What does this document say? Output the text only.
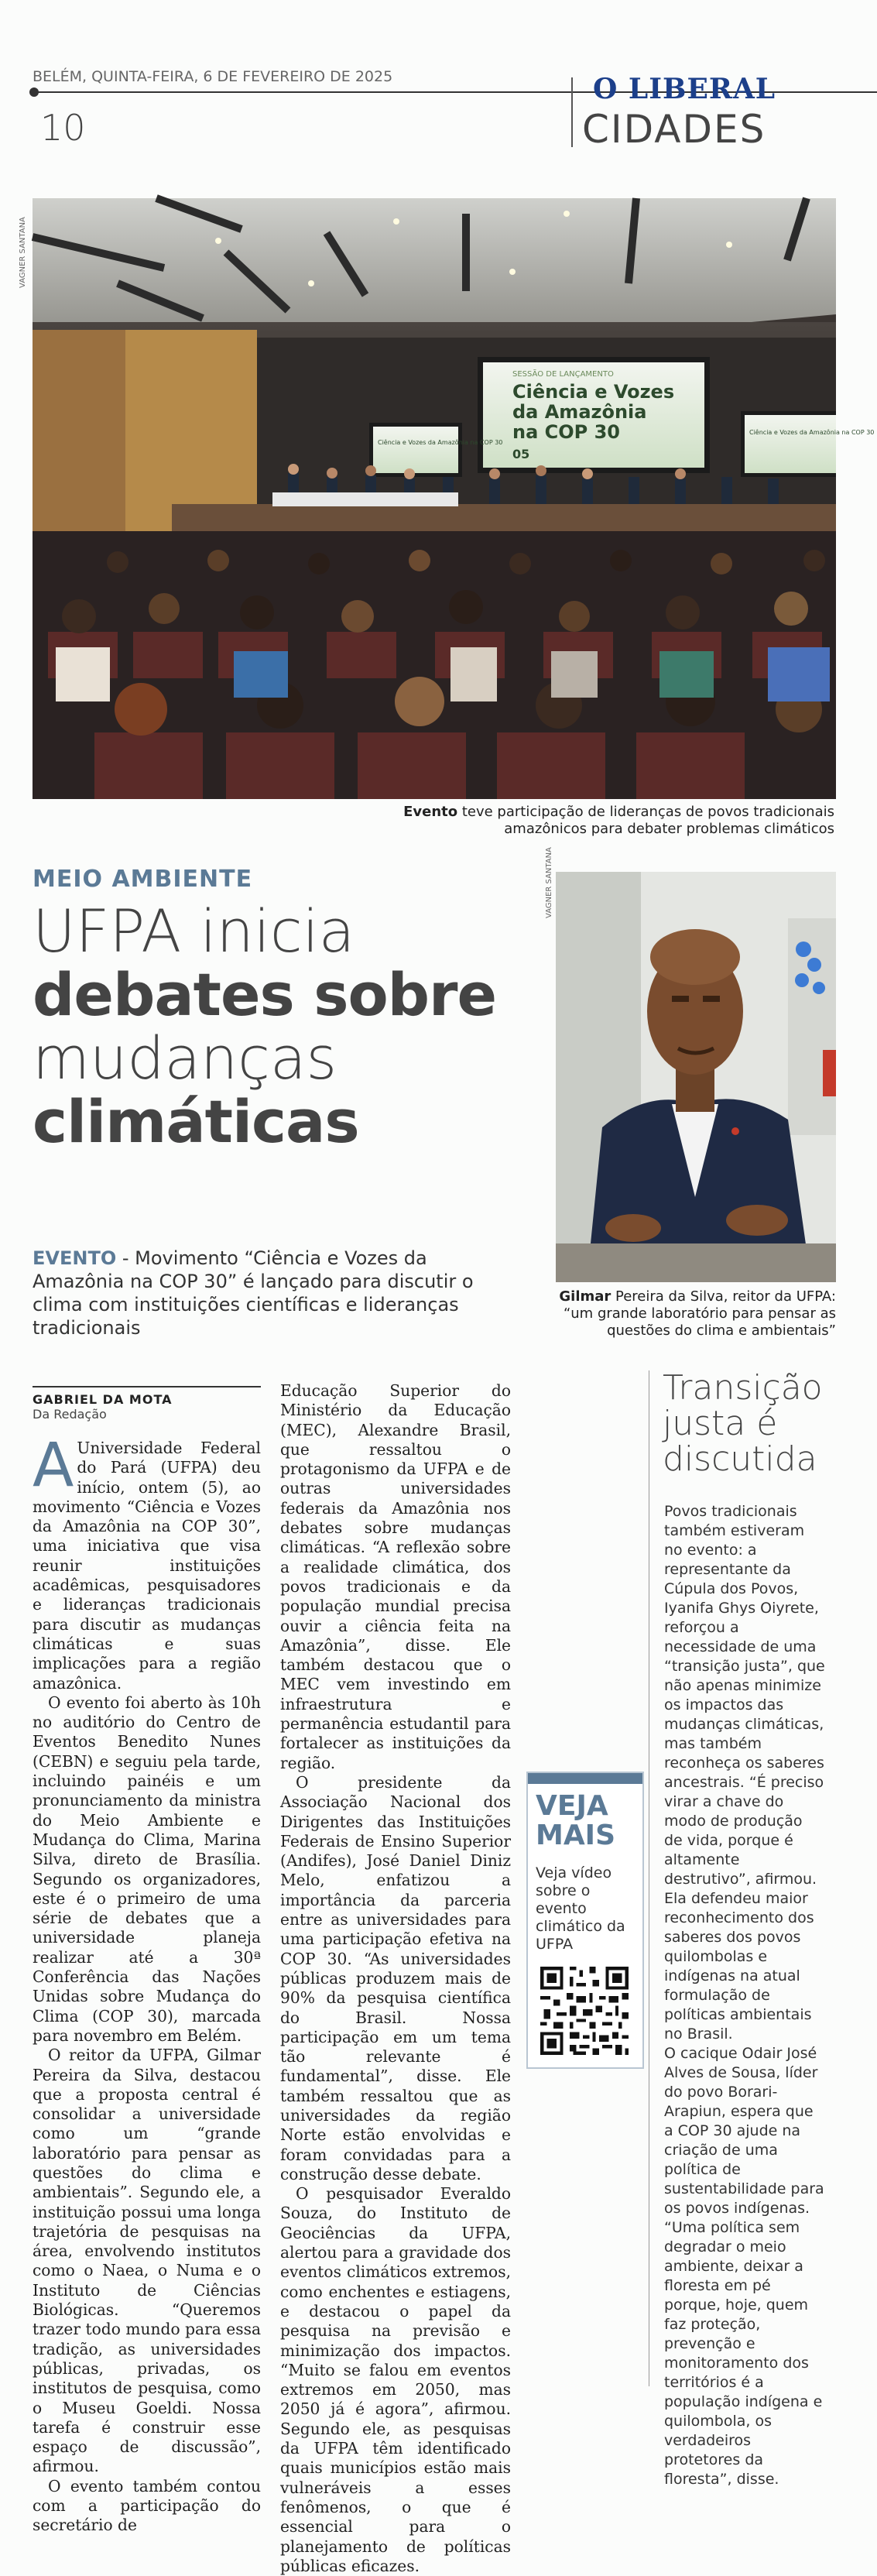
BELÉM, QUINTA-FEIRA, 6 DE FEVEREIRO DE 2025
10
O LIBERAL
CIDADES
VAGNER SANTANA
SESSÃO DE LANÇAMENTO
Ciência e Vozes
da Amazônia
na COP 30
05
Ciência e Vozes da Amazônia na COP 30
Ciência e Vozes da Amazônia na COP 30
Evento teve participação de lideranças de povos tradicionais amazônicos para debater problemas climáticos
MEIO AMBIENTE
UFPA inicia
debates sobre
mudanças
climáticas
EVENTO - Movimento “Ciência e Vozes da Amazônia na COP 30” é lançado para discutir o clima com instituições científicas e lideranças tradicionais
VAGNER SANTANA
Gilmar Pereira da Silva, reitor da UFPA: “um grande laboratório para pensar as questões do clima e ambientais”
GABRIEL DA MOTA
Da Redação

A Universidade Federal do Pará (UFPA) deu início, ontem (5), ao movimento “Ciência e Vozes da Amazônia na COP 30”, uma iniciativa que visa reunir instituições acadêmicas, pesquisadores e lideranças tradicionais para discutir as mudanças climáticas e suas implicações para a região amazônica.

O evento foi aberto às 10h no auditório do Centro de Eventos Benedito Nunes (CEBN) e seguiu pela tarde, incluindo painéis e um pronunciamento da ministra do Meio Ambiente e Mudança do Clima, Marina Silva, direto de Brasília. Segundo os organizadores, este é o primeiro de uma série de debates que a universidade planeja realizar até a 30ª Conferência das Nações Unidas sobre Mudança do Clima (COP 30), marcada para novembro em Belém.

O reitor da UFPA, Gilmar Pereira da Silva, destacou que a proposta central é consolidar a universidade como um “grande laboratório para pensar as questões do clima e ambientais”. Segundo ele, a instituição possui uma longa trajetória de pesquisas na área, envolvendo institutos como o Naea, o Numa e o Instituto de Ciências Biológicas. “Queremos trazer todo mundo para essa tradição, as universidades públicas, privadas, os institutos de pesquisa, como o Museu Goeldi. Nossa tarefa é construir esse espaço de discussão”, afirmou.

O evento também contou com a participação do secretário de

Educação Superior do Ministério da Educação (MEC), Alexandre Brasil, que ressaltou o protagonismo da UFPA e de outras universidades federais da Amazônia nos debates sobre mudanças climáticas. “A reflexão sobre a realidade climática, dos povos tradicionais e da população mundial precisa ouvir a ciência feita na Amazônia”, disse. Ele também destacou que o MEC vem investindo em infraestrutura e permanência estudantil para fortalecer as instituições da região.

O presidente da Associação Nacional dos Dirigentes das Instituições Federais de Ensino Superior (Andifes), José Daniel Diniz Melo, enfatizou a importância da parceria entre as universidades para uma participação efetiva na COP 30. “As universidades públicas produzem mais de 90% da pesquisa científica do Brasil. Nossa participação em um tema tão relevante é fundamental”, disse. Ele também ressaltou que as universidades da região Norte estão envolvidas e foram convidadas para a construção desse debate.

O pesquisador Everaldo Souza, do Instituto de Geociências da UFPA, alertou para a gravidade dos eventos climáticos extremos, como enchentes e estiagens, e destacou o papel da pesquisa na previsão e minimização dos impactos. “Muito se falou em eventos extremos em 2050, mas 2050 já é agora”, afirmou. Segundo ele, as pesquisas da UFPA têm identificado quais municípios estão mais vulneráveis a esses fenômenos, o que é essencial para o planejamento de políticas públicas eficazes.

VEJA
MAIS
Veja vídeo sobre o evento climático da UFPA
Transição justa é discutida

Povos tradicionais também estiveram no evento: a representante da Cúpula dos Povos, Iyanifa Ghys Oiyrete, reforçou a necessidade de uma “transição justa”, que não apenas minimize os impactos das mudanças climáticas, mas também reconheça os saberes ancestrais. “É preciso virar a chave do modo de produção de vida, porque é altamente destrutivo”, afirmou. Ela defendeu maior reconhecimento dos saberes dos povos quilombolas e indígenas na atual formulação de políticas ambientais no Brasil.

O cacique Odair José Alves de Sousa, líder do povo Borari-Arapiun, espera que a COP 30 ajude na criação de uma política de sustentabilidade para os povos indígenas. “Uma política sem degradar o meio ambiente, deixar a floresta em pé porque, hoje, quem faz proteção, prevenção e monitoramento dos territórios é a população indígena e quilombola, os verdadeiros protetores da floresta”, disse.
